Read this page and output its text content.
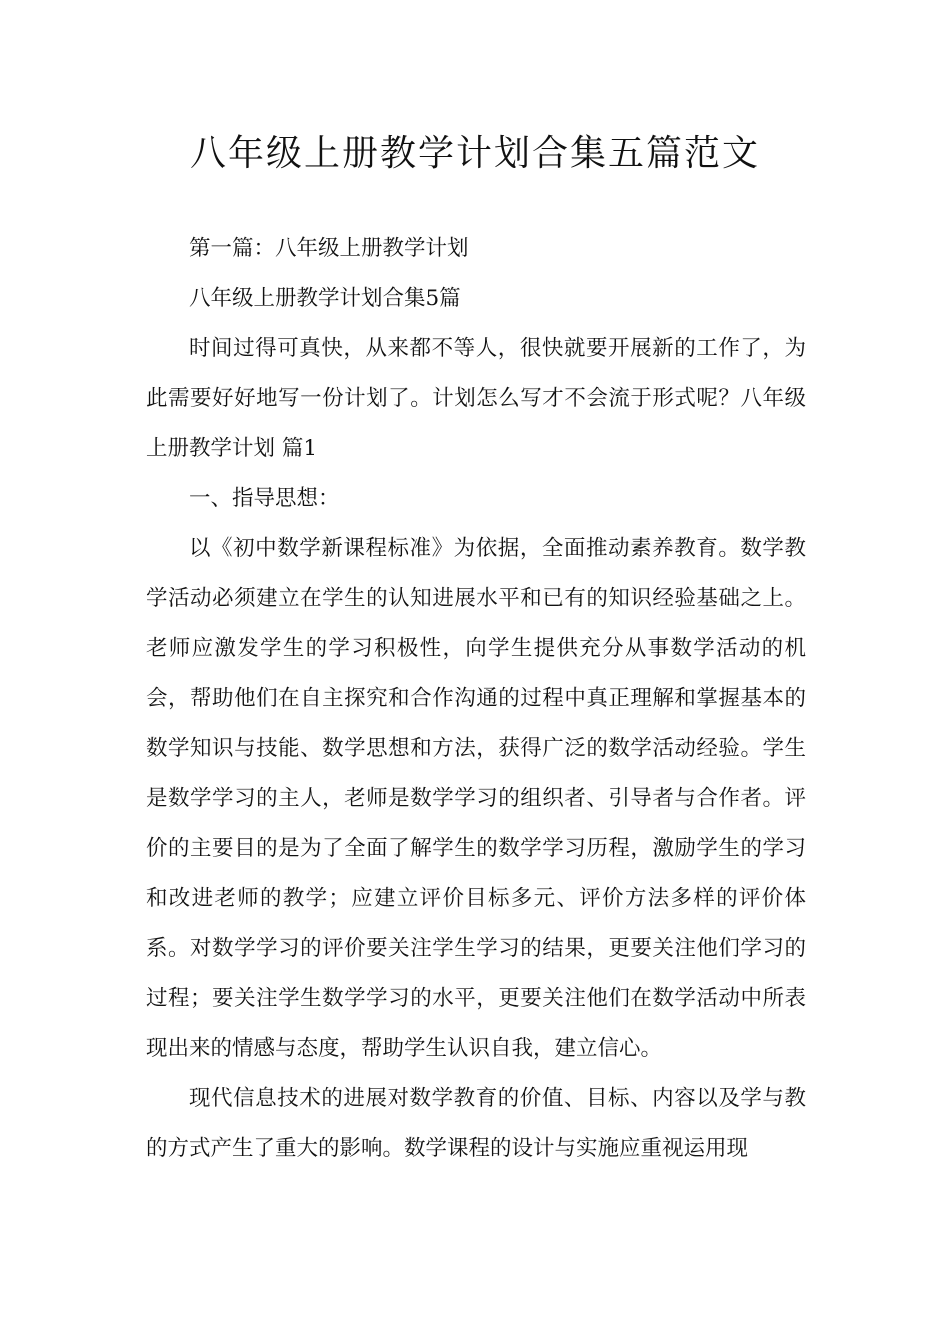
八年级上册教学计划合集五篇范文

第一篇：八年级上册教学计划

八年级上册教学计划合集5篇

时间过得可真快，从来都不等人，很快就要开展新的工作了，为此需要好好地写一份计划了。计划怎么写才不会流于形式呢？八年级上册教学计划 篇1

一、指导思想：

以《初中数学新课程标准》为依据，全面推动素养教育。数学教学活动必须建立在学生的认知进展水平和已有的知识经验基础之上。老师应激发学生的学习积极性，向学生提供充分从事数学活动的机会，帮助他们在自主探究和合作沟通的过程中真正理解和掌握基本的数学知识与技能、数学思想和方法，获得广泛的数学活动经验。学生是数学学习的主人，老师是数学学习的组织者、引导者与合作者。评价的主要目的是为了全面了解学生的数学学习历程，激励学生的学习和改进老师的教学；应建立评价目标多元、评价方法多样的评价体系。对数学学习的评价要关注学生学习的结果，更要关注他们学习的过程；要关注学生数学学习的水平，更要关注他们在数学活动中所表现出来的情感与态度，帮助学生认识自我，建立信心。

现代信息技术的进展对数学教育的价值、目标、内容以及学与教的方式产生了重大的影响。数学课程的设计与实施应重视运用现
